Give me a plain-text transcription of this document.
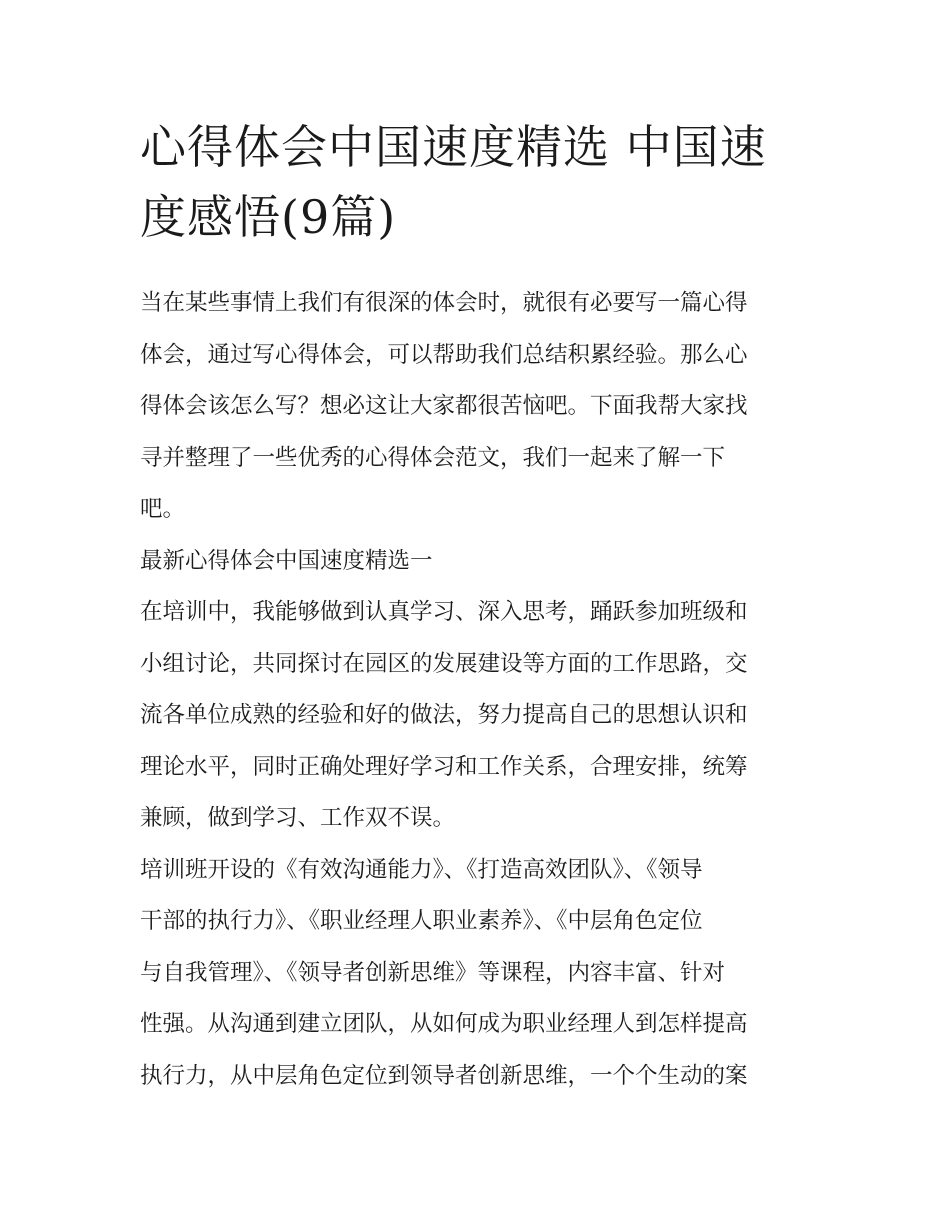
心得体会中国速度精选 中国速
度感悟(9篇)
当在某些事情上我们有很深的体会时，就很有必要写一篇心得
体会，通过写心得体会，可以帮助我们总结积累经验。那么心
得体会该怎么写？想必这让大家都很苦恼吧。下面我帮大家找
寻并整理了一些优秀的心得体会范文，我们一起来了解一下
吧。
最新心得体会中国速度精选一
在培训中，我能够做到认真学习、深入思考，踊跃参加班级和
小组讨论，共同探讨在园区的发展建设等方面的工作思路，交
流各单位成熟的经验和好的做法，努力提高自己的思想认识和
理论水平，同时正确处理好学习和工作关系，合理安排，统筹
兼顾，做到学习、工作双不误。
培训班开设的《有效沟通能力》、《打造高效团队》、《领导
干部的执行力》、《职业经理人职业素养》、《中层角色定位
与自我管理》、《领导者创新思维》等课程，内容丰富、针对
性强。从沟通到建立团队，从如何成为职业经理人到怎样提高
执行力，从中层角色定位到领导者创新思维，一个个生动的案
